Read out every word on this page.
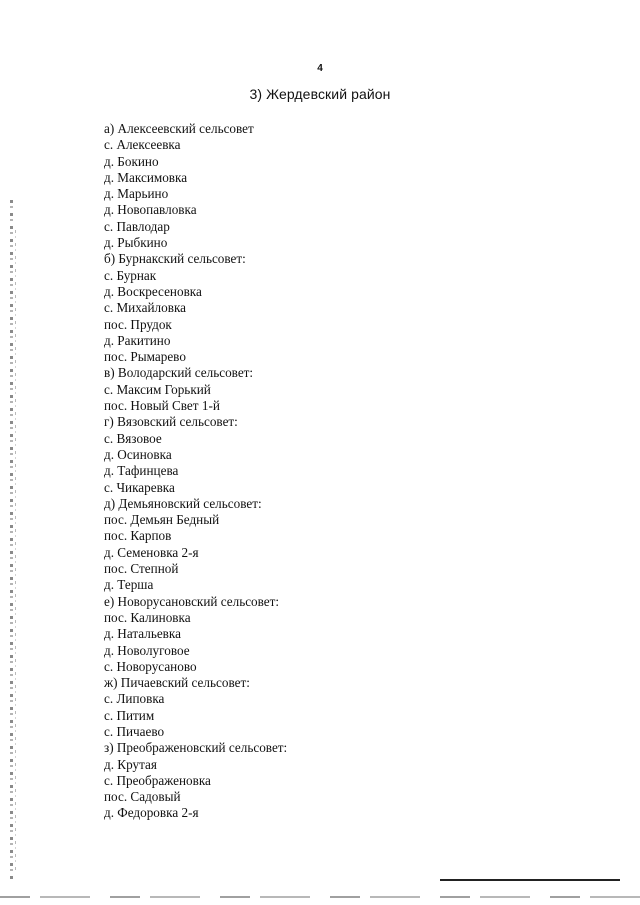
4
3) Жердевский район
а) Алексеевский сельсовет
с. Алексеевка
д. Бокино
д. Максимовка
д. Марьино
д. Новопавловка
с. Павлодар
д. Рыбкино
б) Бурнакский сельсовет:
с. Бурнак
д. Воскресеновка
с. Михайловка
пос. Прудок
д. Ракитино
пос. Рымарево
в) Володарский сельсовет:
с. Максим Горький
пос. Новый Свет 1-й
г) Вязовский сельсовет:
с. Вязовое
д. Осиновка
д. Тафинцева
с. Чикаревка
д) Демьяновский сельсовет:
пос. Демьян Бедный
пос. Карпов
д. Семеновка 2-я
пос. Степной
д. Терша
е) Новорусановский сельсовет:
пос. Калиновка
д. Натальевка
д. Новолуговое
с. Новорусаново
ж) Пичаевский сельсовет:
с. Липовка
с. Питим
с. Пичаево
з) Преображеновский сельсовет:
д. Крутая
с. Преображеновка
пос. Садовый
д. Федоровка 2-я
